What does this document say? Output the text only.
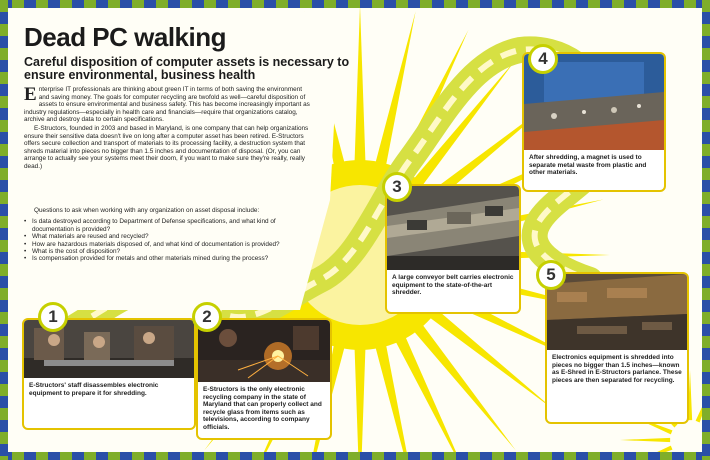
Dead PC walking
Careful disposition of computer assets is necessary to ensure environmental, business health

Enterprise IT professionals are thinking about green IT in terms of both saving the environment and saving money. The goals for computer recycling are twofold as well—careful disposition of assets to ensure environmental and business safety. This has become increasingly important as industry regulations—especially in health care and financials—require that organizations catalog, archive and destroy data to certain specifications.

E-Structors, founded in 2003 and based in Maryland, is one company that can help organizations ensure their sensitive data doesn't live on long after a computer asset has been retired. E-Structors offers secure collection and transport of materials to its processing facility, a destruction system that shreds material into pieces no bigger than 1.5 inches and documentation of disposal. (Or, you can arrange to actually see your systems meet their doom, if you want to make sure they're really, really dead.)

Questions to ask when working with any organization on asset disposal include:

• Is data destroyed according to Department of Defense specifications, and what kind of documentation is provided?
• What materials are reused and recycled?
• How are hazardous materials disposed of, and what kind of documentation is provided?
• What is the cost of disposition?
• Is compensation provided for metals and other materials mined during the process?
E-Structors' staff disassembles electronic equipment to prepare it for shredding.
1
E-Structors is the only electronic recycling company in the state of Maryland that can properly collect and recycle glass from items such as televisions, according to company officials.
2
A large conveyor belt carries electronic equipment to the state-of-the-art shredder.
3
After shredding, a magnet is used to separate metal waste from plastic and other materials.
4
Electronics equipment is shredded into pieces no bigger than 1.5 inches—known as E-Shred in E-Structors parlance. These pieces are then separated for recycling.
5
